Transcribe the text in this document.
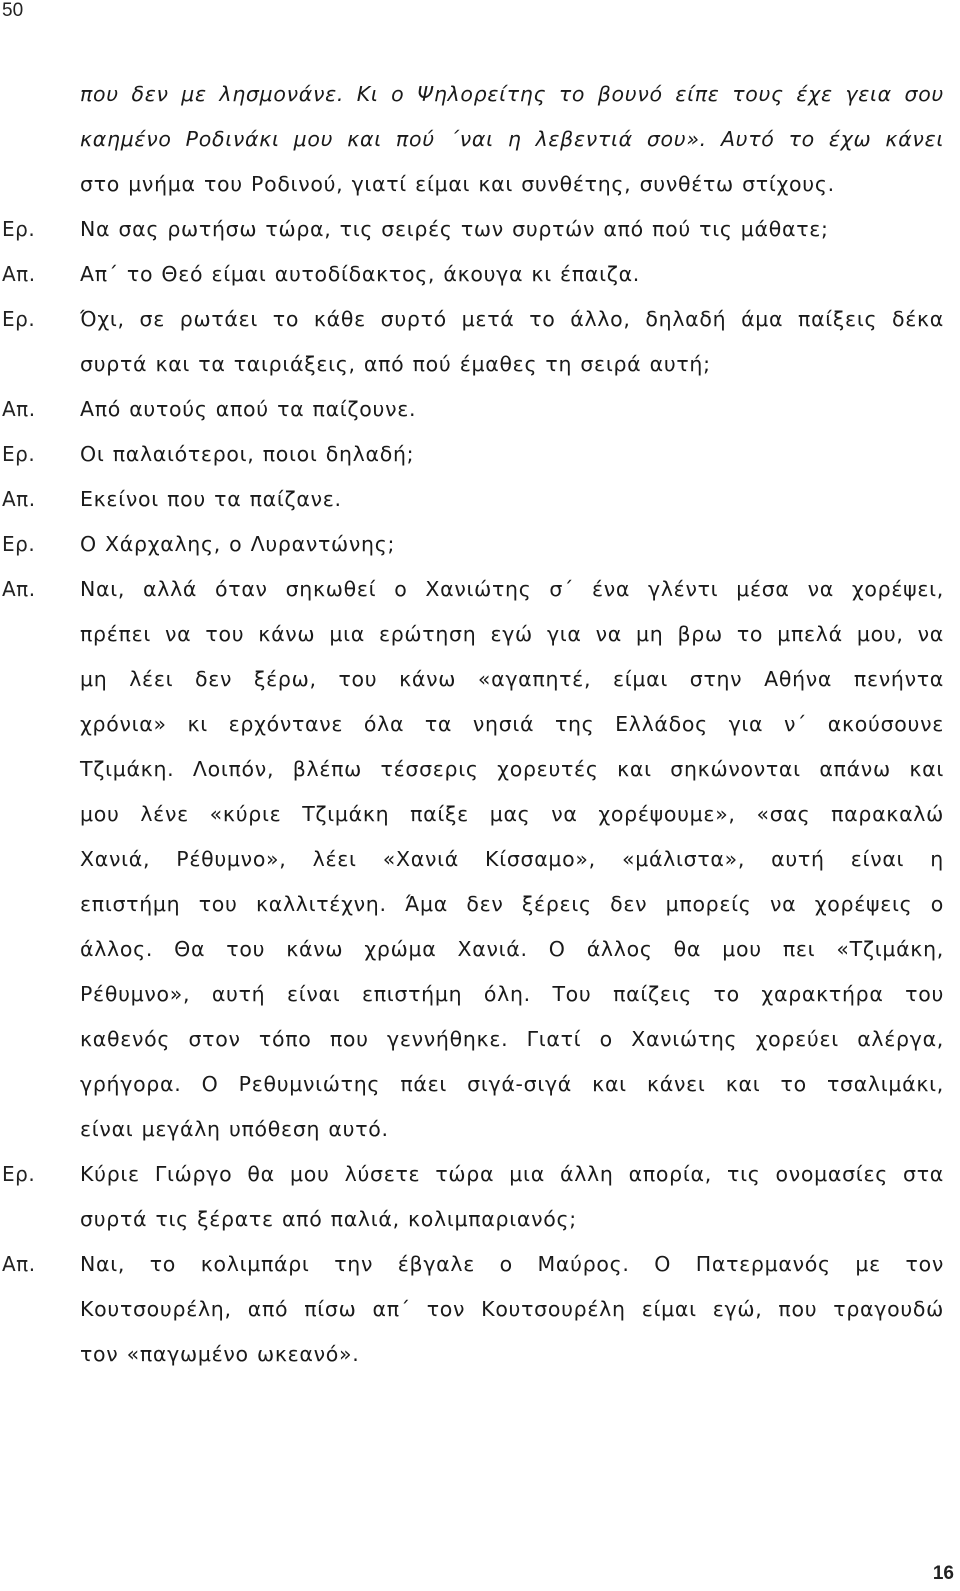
50
που δεν με λησμονάνε. Κι ο Ψηλορείτης το βουνό είπε τους έχε γεια σου
καημένο Ροδινάκι μου και πού ΄ναι η λεβεντιά σου». Αυτό το έχω κάνει
στο μνήμα του Ροδινού, γιατί είμαι και συνθέτης, συνθέτω στίχους.
Ερ. Να σας ρωτήσω τώρα, τις σειρές των συρτών από πού τις μάθατε;
Απ. Απ΄ το Θεό είμαι αυτοδίδακτος, άκουγα κι έπαιζα.
Ερ. Όχι, σε ρωτάει το κάθε συρτό μετά το άλλο, δηλαδή άμα παίξεις δέκα
συρτά και τα ταιριάξεις, από πού έμαθες τη σειρά αυτή;
Απ. Από αυτούς απού τα παίζουνε.
Ερ. Οι παλαιότεροι, ποιοι δηλαδή;
Απ. Εκείνοι που τα παίζανε.
Ερ. Ο Χάρχαλης, ο Λυραντώνης;
Απ. Ναι, αλλά όταν σηκωθεί ο Χανιώτης σ΄ ένα γλέντι μέσα να χορέψει,
πρέπει να του κάνω μια ερώτηση εγώ για να μη βρω το μπελά μου, να
μη λέει δεν ξέρω, του κάνω «αγαπητέ, είμαι στην Αθήνα πενήντα
χρόνια» κι ερχόντανε όλα τα νησιά της Ελλάδος για ν΄ ακούσουνε
Τζιμάκη. Λοιπόν, βλέπω τέσσερις χορευτές και σηκώνονται απάνω και
μου λένε «κύριε Τζιμάκη παίξε μας να χορέψουμε», «σας παρακαλώ
Χανιά, Ρέθυμνο», λέει «Χανιά Κίσσαμο», «μάλιστα», αυτή είναι η
επιστήμη του καλλιτέχνη. Άμα δεν ξέρεις δεν μπορείς να χορέψεις ο
άλλος. Θα του κάνω χρώμα Χανιά. Ο άλλος θα μου πει «Τζιμάκη,
Ρέθυμνο», αυτή είναι επιστήμη όλη. Του παίζεις το χαρακτήρα του
καθενός στον τόπο που γεννήθηκε. Γιατί ο Χανιώτης χορεύει αλέργα,
γρήγορα. Ο Ρεθυμνιώτης πάει σιγά-σιγά και κάνει και το τσαλιμάκι,
είναι μεγάλη υπόθεση αυτό.
Ερ. Κύριε Γιώργο θα μου λύσετε τώρα μια άλλη απορία, τις ονομασίες στα
συρτά τις ξέρατε από παλιά, κολιμπαριανός;
Απ. Ναι, το κολιμπάρι την έβγαλε ο Μαύρος. Ο Πατερμανός με τον
Κουτσουρέλη, από πίσω απ΄ τον Κουτσουρέλη είμαι εγώ, που τραγουδώ
τον «παγωμένο ωκεανό».
16
